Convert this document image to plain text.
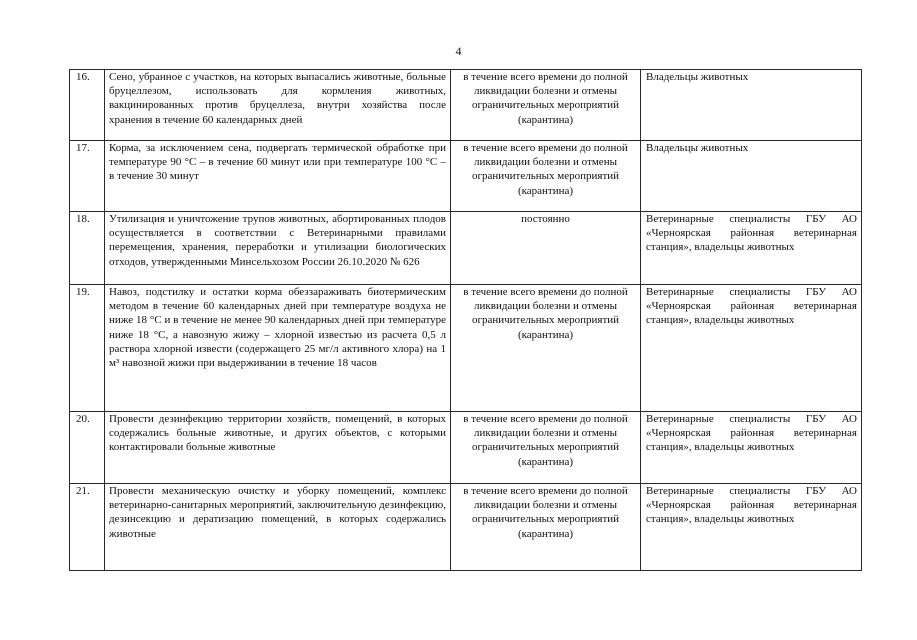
4
16.	Сено, убранное с участков, на которых выпасались животные, больные бруцеллезом, использовать для кормления животных, вакцинированных против бруцеллеза, внутри хозяйства после хранения в течение 60 календарных дней	в течение всего времени до полной ликвидации болезни и отмены ограничительных мероприятий (карантина)	Владельцы животных
17.	Корма, за исключением сена, подвергать термической обработке при температуре 90 °С – в течение 60 минут или при температуре 100 °С – в течение 30 минут	в течение всего времени до полной ликвидации болезни и отмены ограничительных мероприятий (карантина)	Владельцы животных
18.	Утилизация и уничтожение трупов животных, абортированных плодов осуществляется в соответствии с Ветеринарными правилами перемещения, хранения, переработки и утилизации биологических отходов, утвержденными Минсельхозом России 26.10.2020 № 626	постоянно	Ветеринарные специалисты ГБУ АО «Черноярская районная ветеринарная станция», владельцы животных
19.	Навоз, подстилку и остатки корма обеззараживать биотермическим методом в течение 60 календарных дней при температуре воздуха не ниже 18 °С и в течение не менее 90 календарных дней при температуре ниже 18 °С, а навозную жижу – хлорной известью из расчета 0,5 л раствора хлорной извести (содержащего 25 мг/л активного хлора) на 1 м³ навозной жижи при выдерживании в течение 18 часов	в течение всего времени до полной ликвидации болезни и отмены ограничительных мероприятий (карантина)	Ветеринарные специалисты ГБУ АО «Черноярская районная ветеринарная станция», владельцы животных
20.	Провести дезинфекцию территории хозяйств, помещений, в которых содержались больные животные, и других объектов, с которыми контактировали больные животные	в течение всего времени до полной ликвидации болезни и отмены ограничительных мероприятий (карантина)	Ветеринарные специалисты ГБУ АО «Черноярская районная ветеринарная станция», владельцы животных
21.	Провести механическую очистку и уборку помещений, комплекс ветеринарно-санитарных мероприятий, заключительную дезинфекцию, дезинсекцию и дератизацию помещений, в которых содержались животные	в течение всего времени до полной ликвидации болезни и отмены ограничительных мероприятий (карантина)	Ветеринарные специалисты ГБУ АО «Черноярская районная ветеринарная станция», владельцы животных
